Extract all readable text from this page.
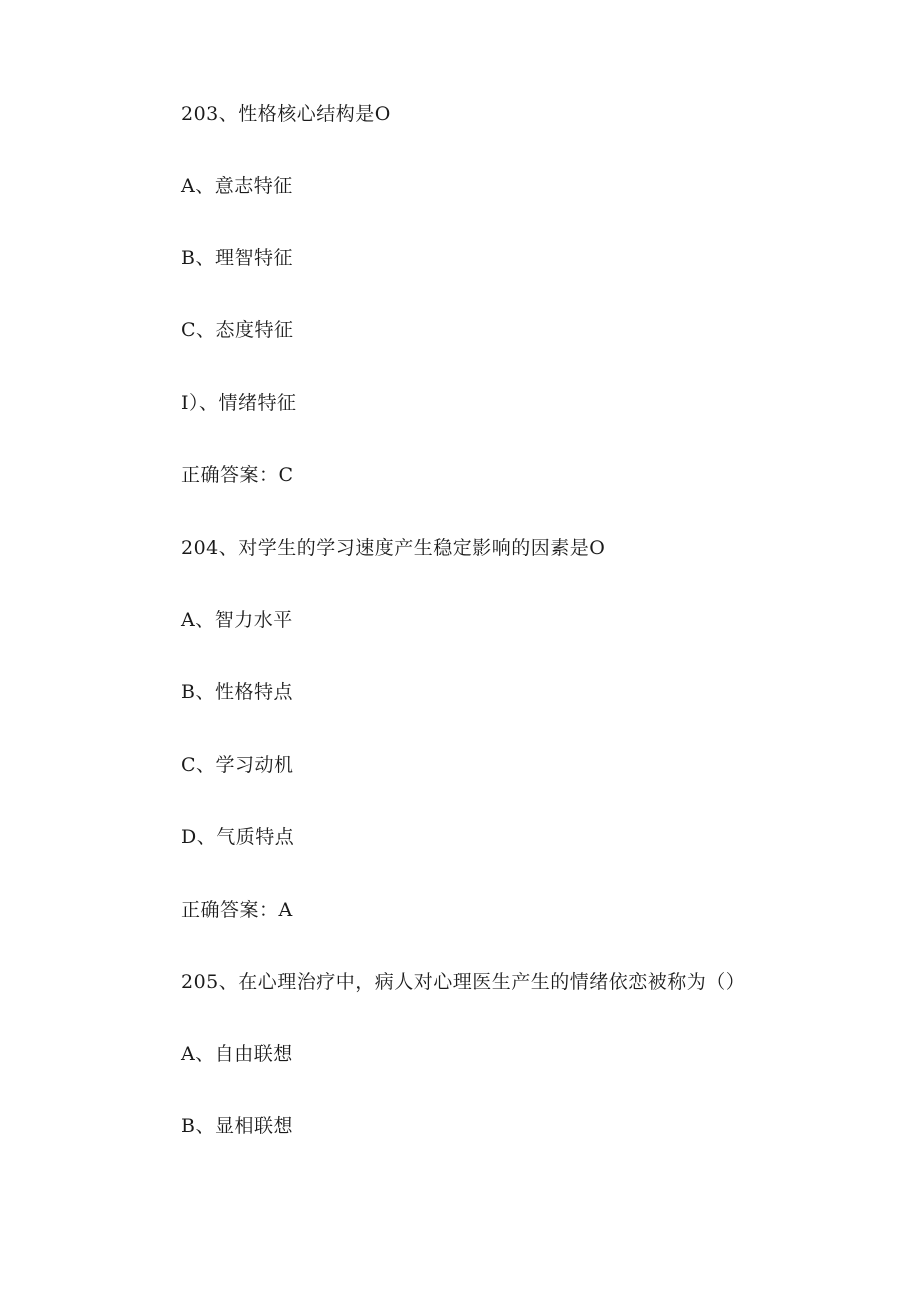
203、性格核心结构是O
A、意志特征
B、理智特征
C、态度特征
I）、情绪特征
正确答案：C
204、对学生的学习速度产生稳定影响的因素是O
A、智力水平
B、性格特点
C、学习动机
D、气质特点
正确答案：A
205、在心理治疗中，病人对心理医生产生的情绪依恋被称为（）
A、自由联想
B、显相联想
